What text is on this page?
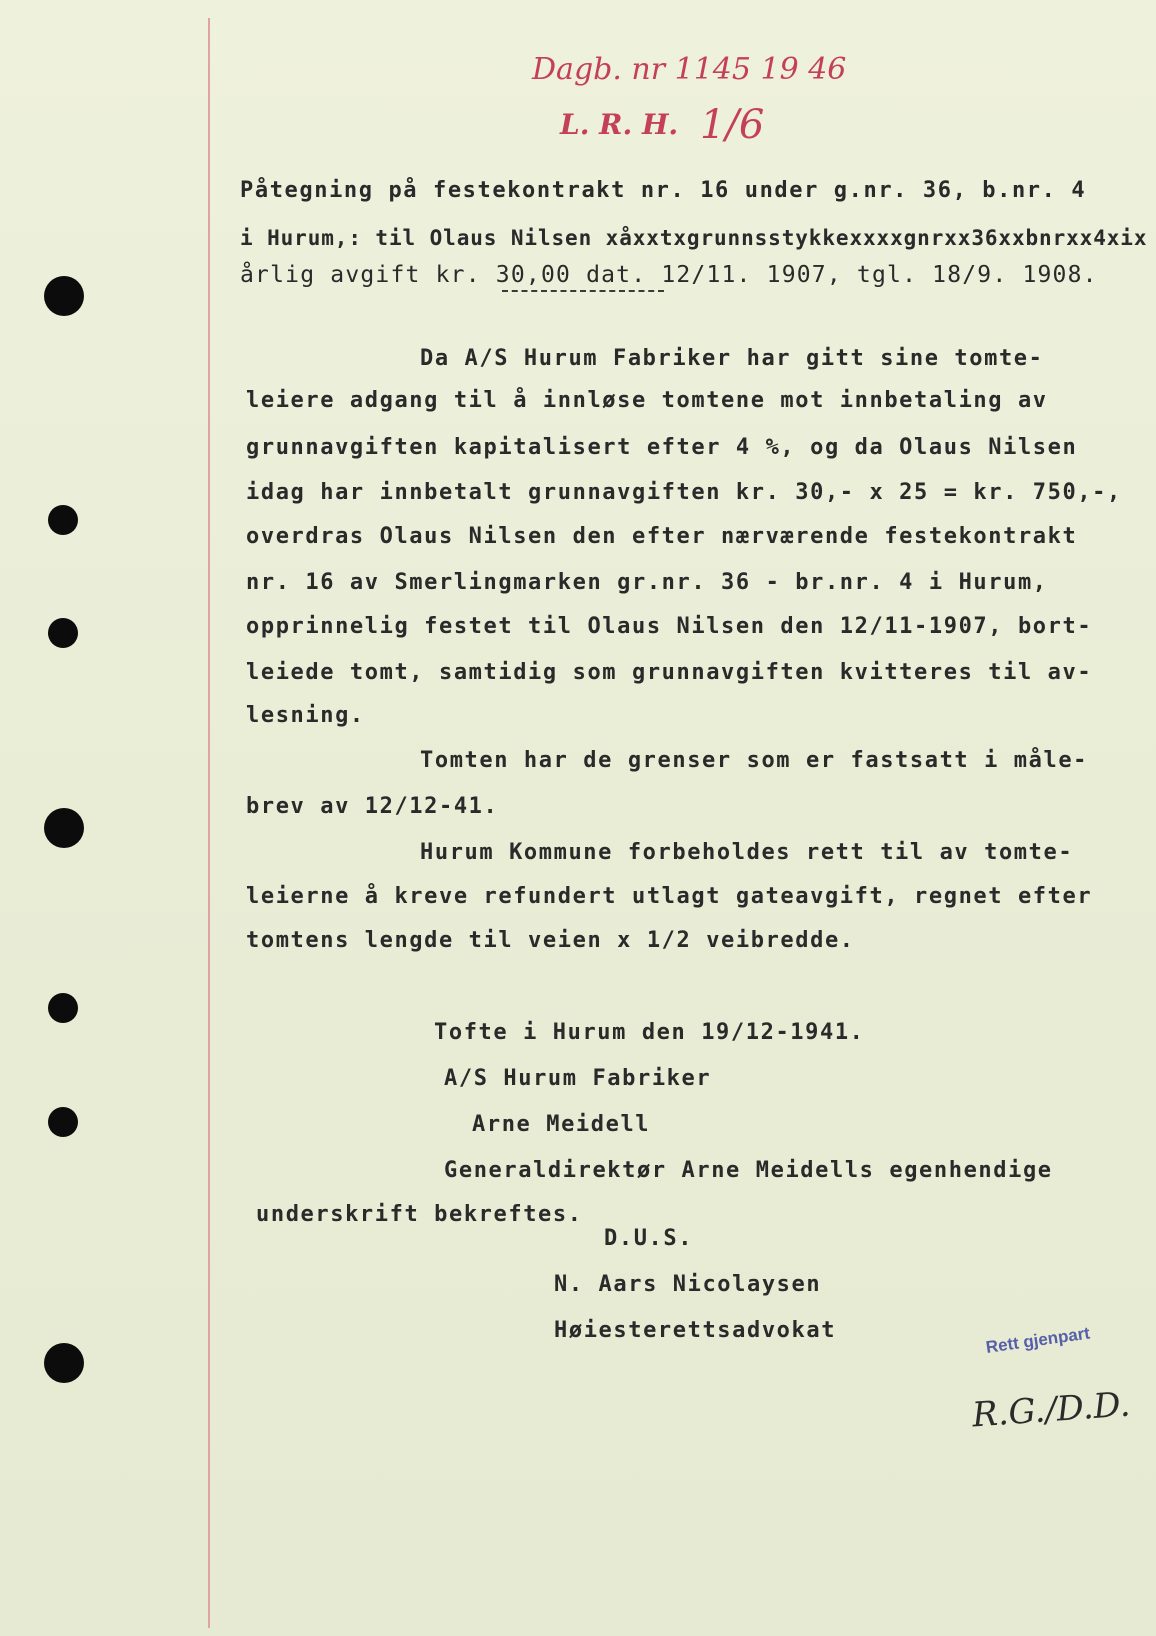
Dagb. nr 1145 19 46
L. R. H. 1/6
Påtegning på festekontrakt nr. 16 under g.nr. 36, b.nr. 4
i Hurum,: til Olaus Nilsen xåxxtxgrunnsstykkexxxxgnrxx36xxbnrxx4xix
årlig avgift kr. 30,00 dat. 12/11. 1907, tgl. 18/9. 1908.
Da A/S Hurum Fabriker har gitt sine tomte-
leiere adgang til å innløse tomtene mot innbetaling av
grunnavgiften kapitalisert efter 4 %, og da Olaus Nilsen
idag har innbetalt grunnavgiften kr. 30,- x 25 = kr. 750,-,
overdras Olaus Nilsen den efter nærværende festekontrakt
nr. 16 av Smerlingmarken gr.nr. 36 - br.nr. 4 i Hurum,
opprinnelig festet til Olaus Nilsen den 12/11-1907, bort-
leiede tomt, samtidig som grunnavgiften kvitteres til av-
lesning.
Tomten har de grenser som er fastsatt i måle-
brev av 12/12-41.
Hurum Kommune forbeholdes rett til av tomte-
leierne å kreve refundert utlagt gateavgift, regnet efter
tomtens lengde til veien x 1/2 veibredde.
Tofte i Hurum den 19/12-1941.
A/S Hurum Fabriker
Arne Meidell
Generaldirektør Arne Meidells egenhendige
underskrift bekreftes.
D.U.S.
N. Aars Nicolaysen
Høiesterettsadvokat	Rett gjenpart
R.G./D.D.
